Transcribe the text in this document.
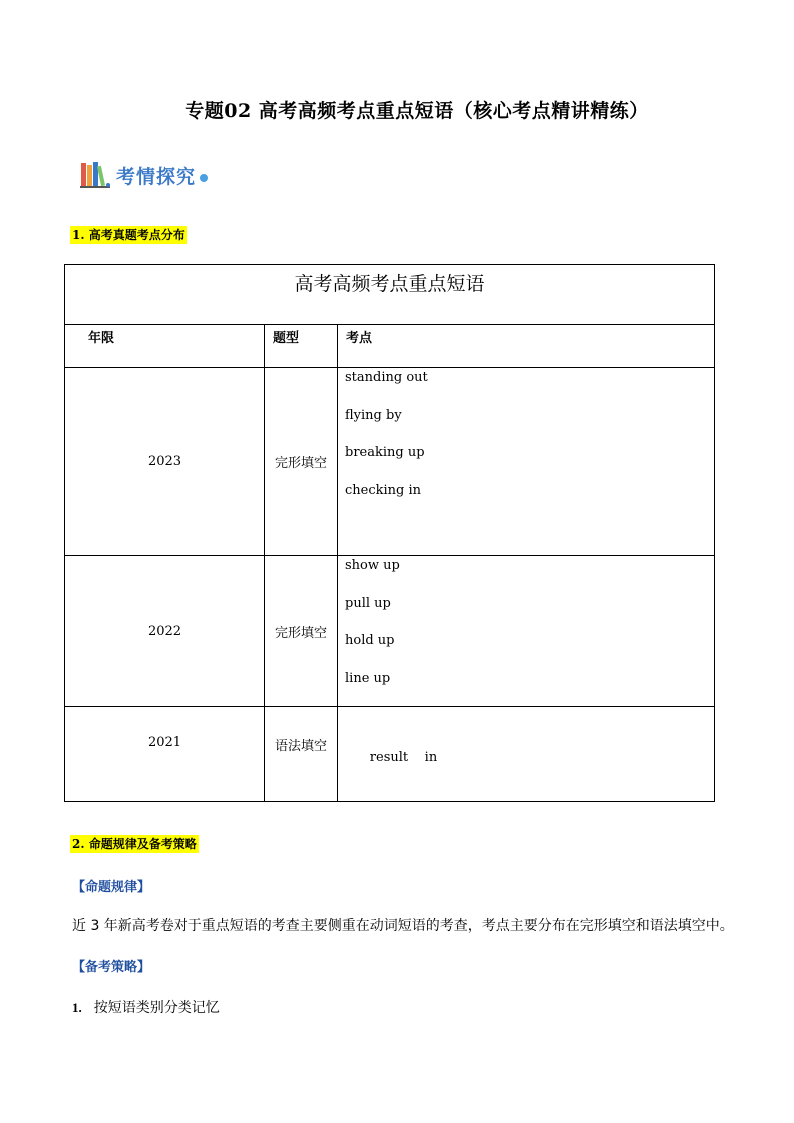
专题02 高考高频考点重点短语（核心考点精讲精练）
考情探究
1. 高考真题考点分布
高考高频考点重点短语		
年限	题型	考点
2023	完形填空	standing out
flying by
breaking up
checking in

2022	完形填空	show up
pull up
hold up
line up

2021	语法填空	result    in

2. 命题规律及备考策略
【命题规律】
近 3 年新高考卷对于重点短语的考查主要侧重在动词短语的考查，考点主要分布在完形填空和语法填空中。
【备考策略】
1. 按短语类别分类记忆
